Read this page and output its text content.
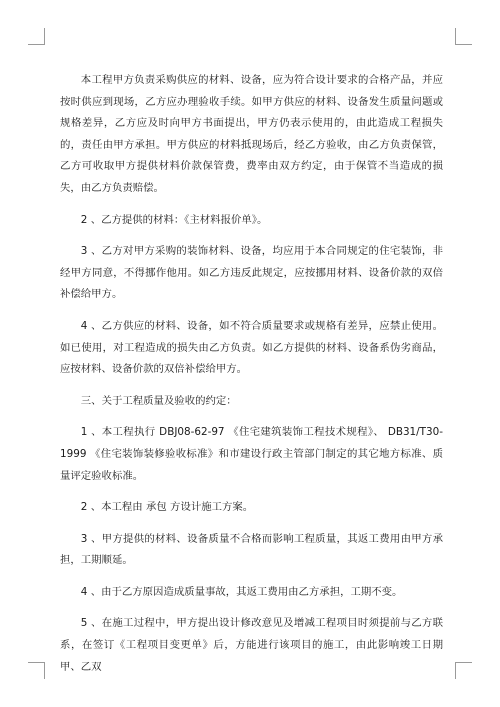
本工程甲方负责采购供应的材料、设备，应为符合设计要求的合格产品，并应按时供应到现场，乙方应办理验收手续。如甲方供应的材料、设备发生质量问题或规格差异，乙方应及时向甲方书面提出，甲方仍表示使用的，由此造成工程损失的，责任由甲方承担。甲方供应的材料抵现场后，经乙方验收，由乙方负责保管，乙方可收取甲方提供材料价款保管费，费率由双方约定，由于保管不当造成的损失，由乙方负责赔偿。

2 、乙方提供的材料：《主材料报价单》。

3 、乙方对甲方采购的装饰材料、设备，均应用于本合同规定的住宅装饰，非经甲方同意，不得挪作他用。如乙方违反此规定，应按挪用材料、设备价款的双倍补偿给甲方。

4 、乙方供应的材料、设备，如不符合质量要求或规格有差异，应禁止使用。如已使用，对工程造成的损失由乙方负责。如乙方提供的材料、设备系伪劣商品，应按材料、设备价款的双倍补偿给甲方。

三、关于工程质量及验收的约定：

1 、本工程执行 DBJ08-62-97 《住宅建筑装饰工程技术规程》、 DB31/T30-1999 《住宅装饰装修验收标准》和市建设行政主管部门制定的其它地方标准、质量评定验收标准。

2 、本工程由 承包 方设计施工方案。

3 、甲方提供的材料、设备质量不合格而影响工程质量，其返工费用由甲方承担，工期顺延。

4 、由于乙方原因造成质量事故，其返工费用由乙方承担，工期不变。

5 、在施工过程中，甲方提出设计修改意见及增减工程项目时须提前与乙方联系，在签订《工程项目变更单》后，方能进行该项目的施工，由此影响竣工日期甲、乙双
